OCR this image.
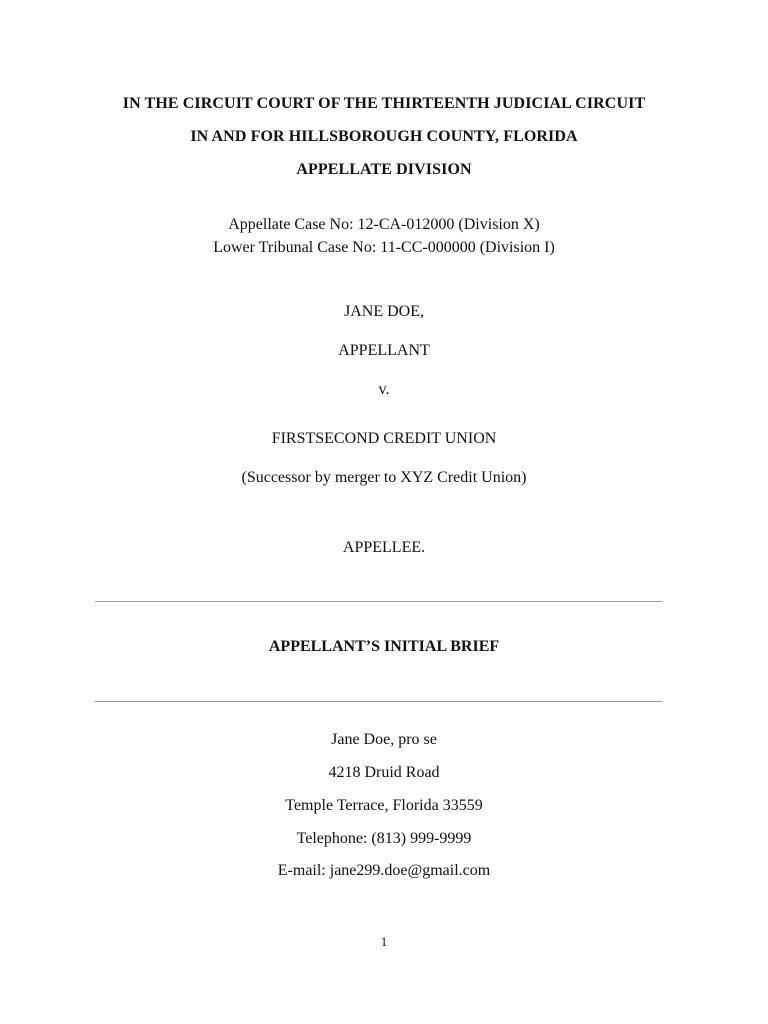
IN THE CIRCUIT COURT OF THE THIRTEENTH JUDICIAL CIRCUIT
IN AND FOR HILLSBOROUGH COUNTY, FLORIDA
APPELLATE DIVISION
Appellate Case No: 12-CA-012000 (Division X)
Lower Tribunal Case No: 11-CC-000000 (Division I)
JANE DOE,
APPELLANT
v.
FIRSTSECOND CREDIT UNION
(Successor by merger to XYZ Credit Union)
APPELLEE.
APPELLANT’S INITIAL BRIEF
Jane Doe, pro se
4218 Druid Road
Temple Terrace, Florida 33559
Telephone: (813) 999-9999
E-mail: jane299.doe@gmail.com
1
